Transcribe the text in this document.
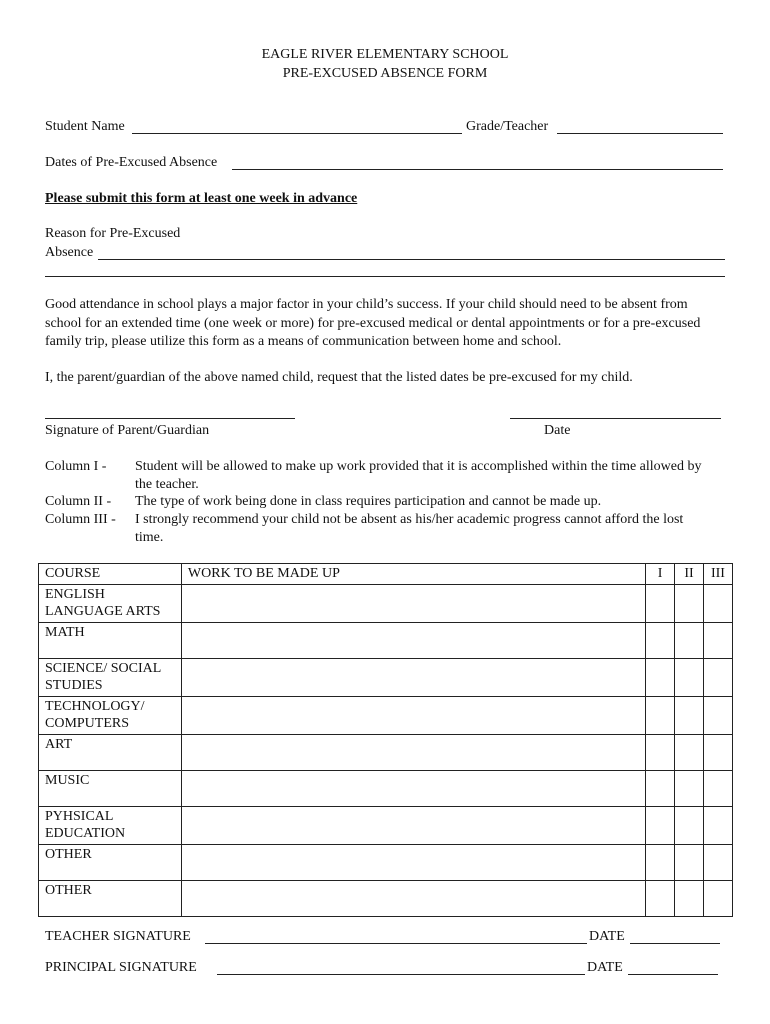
EAGLE RIVER ELEMENTARY SCHOOL
PRE-EXCUSED ABSENCE FORM
Student Name	Grade/Teacher
Dates of Pre-Excused Absence
Please submit this form at least one week in advance
Reason for Pre-Excused
Absence
Good attendance in school plays a major factor in your child’s success. If your child should need to be absent from school for an extended time (one week or more) for pre-excused medical or dental appointments or for a pre-excused family trip, please utilize this form as a means of communication between home and school.
I, the parent/guardian of the above named child, request that the listed dates be pre-excused for my child.
Signature of Parent/Guardian	Date
Column I -	Student will be allowed to make up work provided that it is accomplished within the time allowed by the teacher.
Column II -	The type of work being done in class requires participation and cannot be made up.
Column III -	I strongly recommend your child not be absent as his/her academic progress cannot afford the lost time.
COURSE	WORK TO BE MADE UP	I	II	III
ENGLISH LANGUAGE ARTS				
MATH				
SCIENCE/ SOCIAL STUDIES				
TECHNOLOGY/ COMPUTERS				
ART				
MUSIC				
PYHSICAL EDUCATION				
OTHER				
OTHER				
TEACHER SIGNATURE	DATE
PRINCIPAL SIGNATURE	DATE
